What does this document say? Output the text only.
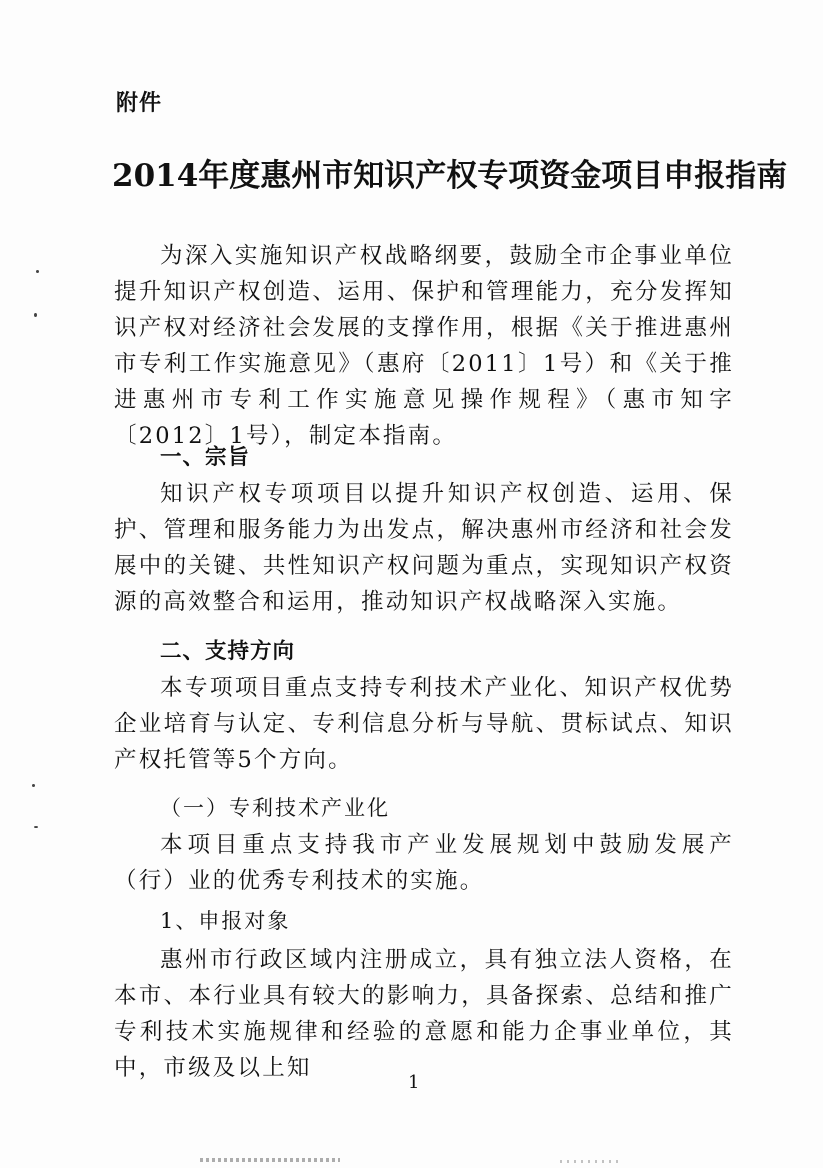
附件
2014年度惠州市知识产权专项资金项目申报指南
为深入实施知识产权战略纲要，鼓励全市企事业单位提升知识产权创造、运用、保护和管理能力，充分发挥知识产权对经济社会发展的支撑作用，根据《关于推进惠州市专利工作实施意见》（惠府〔2011〕1号）和《关于推进惠州市专利工作实施意见操作规程》（惠市知字〔2012〕1号），制定本指南。
一、宗旨
知识产权专项项目以提升知识产权创造、运用、保护、管理和服务能力为出发点，解决惠州市经济和社会发展中的关键、共性知识产权问题为重点，实现知识产权资源的高效整合和运用，推动知识产权战略深入实施。
二、支持方向
本专项项目重点支持专利技术产业化、知识产权优势企业培育与认定、专利信息分析与导航、贯标试点、知识产权托管等5个方向。
（一）专利技术产业化
本项目重点支持我市产业发展规划中鼓励发展产（行）业的优秀专利技术的实施。
1、申报对象
惠州市行政区域内注册成立，具有独立法人资格，在本市、本行业具有较大的影响力，具备探索、总结和推广专利技术实施规律和经验的意愿和能力企事业单位，其中，市级及以上知
1
